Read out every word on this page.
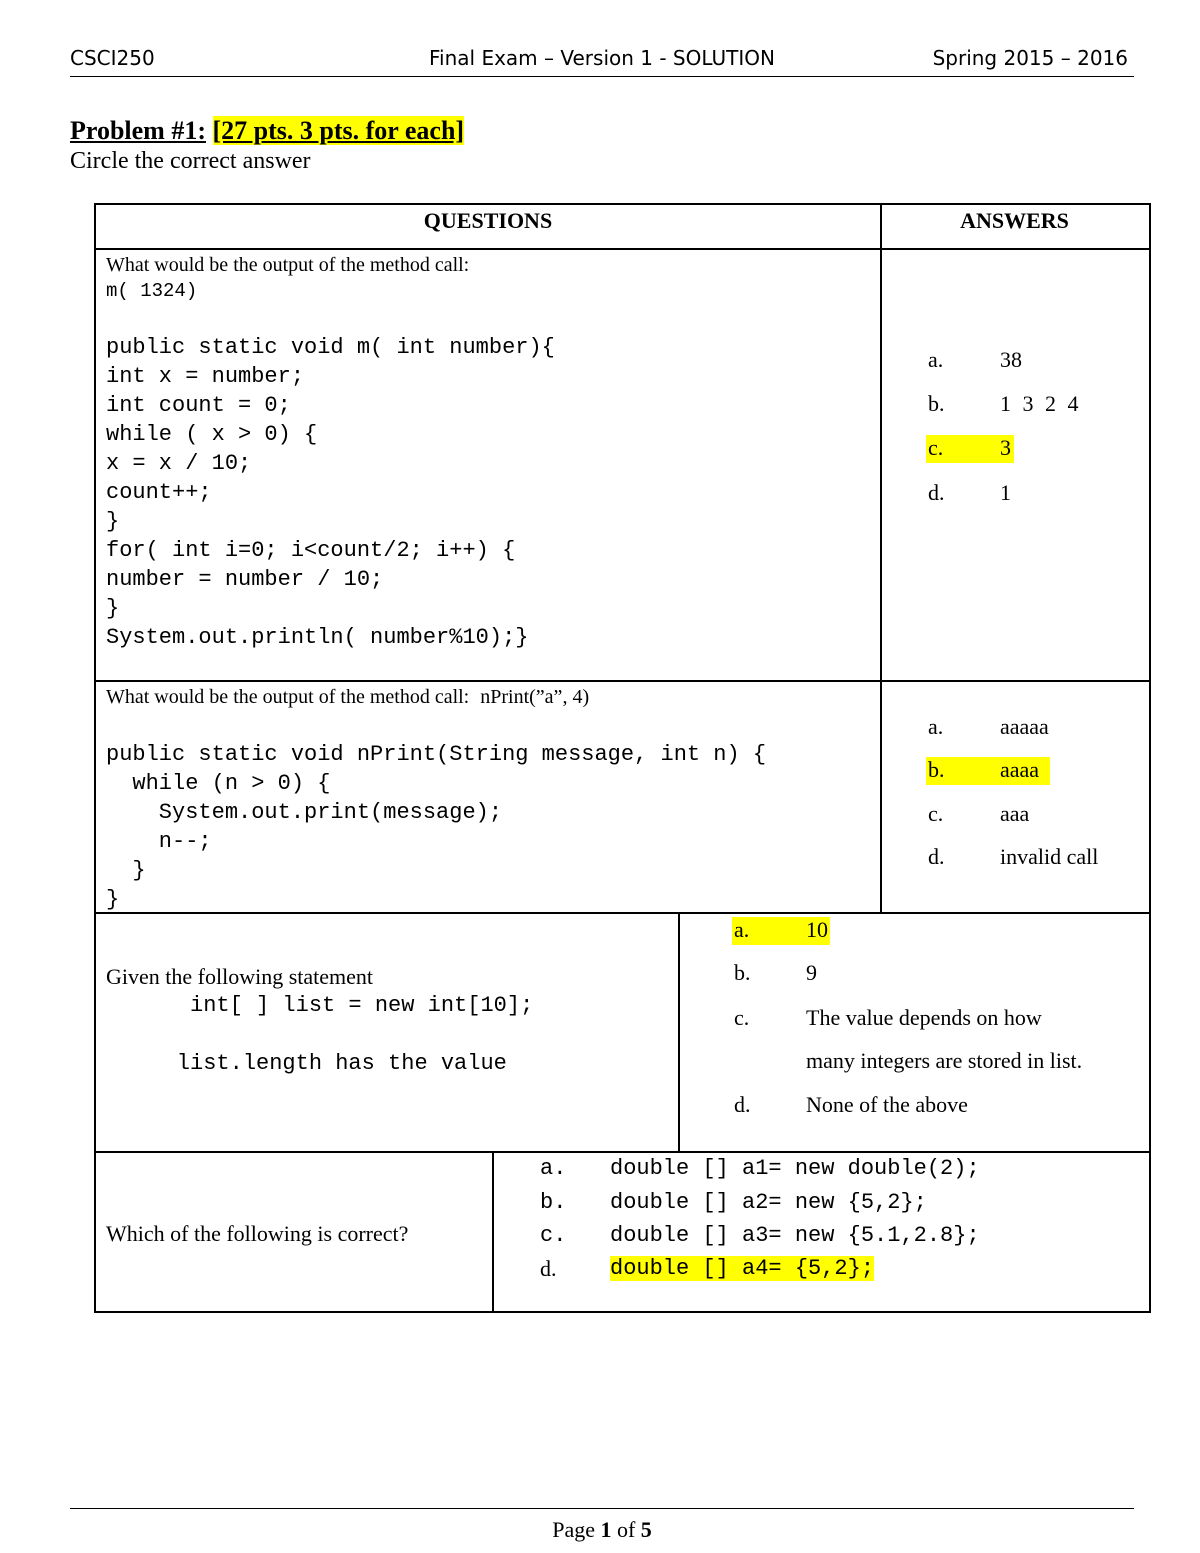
CSCI250	Final Exam – Version 1 - SOLUTION	Spring 2015 – 2016
Problem #1: [27 pts. 3 pts. for each]
Circle the correct answer
QUESTIONS	ANSWERS
What would be the output of the method call:
m( 1324)
public static void m( int number){
int x = number;
int count = 0;
while ( x > 0) {
x = x / 10;
count++;
}
for( int i=0; i<count/2; i++) {
number = number / 10;
}
System.out.println( number%10);}
a.	38
b.	1 3 2 4
c.	3
d.	1
What would be the output of the method call: nPrint(”a”, 4)
public static void nPrint(String message, int n) {
while (n > 0) {
System.out.print(message);
n--;
}
}
a.	aaaaa
b.	aaaa
c.	aaa
d.	invalid call
Given the following statement
int[ ] list = new int[10];

list.length has the value
a.	10
b.	9
c.	The value depends on how
many integers are stored in list.
d.	None of the above
Which of the following is correct?
a. double [] a1= new double(2);
b. double [] a2= new {5,2};
c. double [] a3= new {5.1,2.8};
d. double [] a4= {5,2};
Page 1 of 5
